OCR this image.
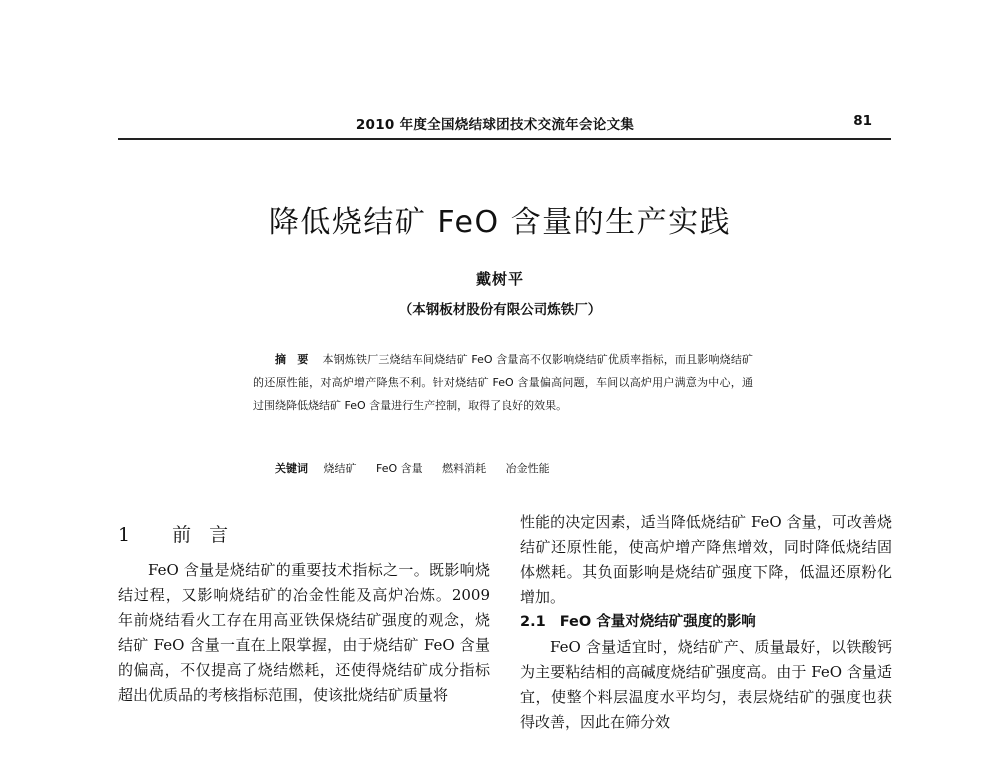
2010 年度全国烧结球团技术交流年会论文集	81
降低烧结矿 FeO 含量的生产实践
戴树平
（本钢板材股份有限公司炼铁厂）
摘　要 本钢炼铁厂三烧结车间烧结矿 FeO 含量高不仅影响烧结矿优质率指标，而且影响烧结矿的还原性能，对高炉增产降焦不利。针对烧结矿 FeO 含量偏高问题，车间以高炉用户满意为中心，通过围绕降低烧结矿 FeO 含量进行生产控制，取得了良好的效果。
关键词 烧结矿 FeO 含量 燃料消耗 冶金性能
1 前言
FeO 含量是烧结矿的重要技术指标之一。既影响烧结过程，又影响烧结矿的冶金性能及高炉冶炼。2009 年前烧结看火工存在用高亚铁保烧结矿强度的观念，烧结矿 FeO 含量一直在上限掌握，由于烧结矿 FeO 含量的偏高，不仅提高了烧结燃耗，还使得烧结矿成分指标超出优质品的考核指标范围，使该批烧结矿质量将
性能的决定因素，适当降低烧结矿 FeO 含量，可改善烧结矿还原性能，使高炉增产降焦增效，同时降低烧结固体燃耗。其负面影响是烧结矿强度下降，低温还原粉化增加。
2.1 FeO 含量对烧结矿强度的影响
FeO 含量适宜时，烧结矿产、质量最好，以铁酸钙为主要粘结相的高碱度烧结矿强度高。由于 FeO 含量适宜，使整个料层温度水平均匀，表层烧结矿的强度也获得改善，因此在筛分效
